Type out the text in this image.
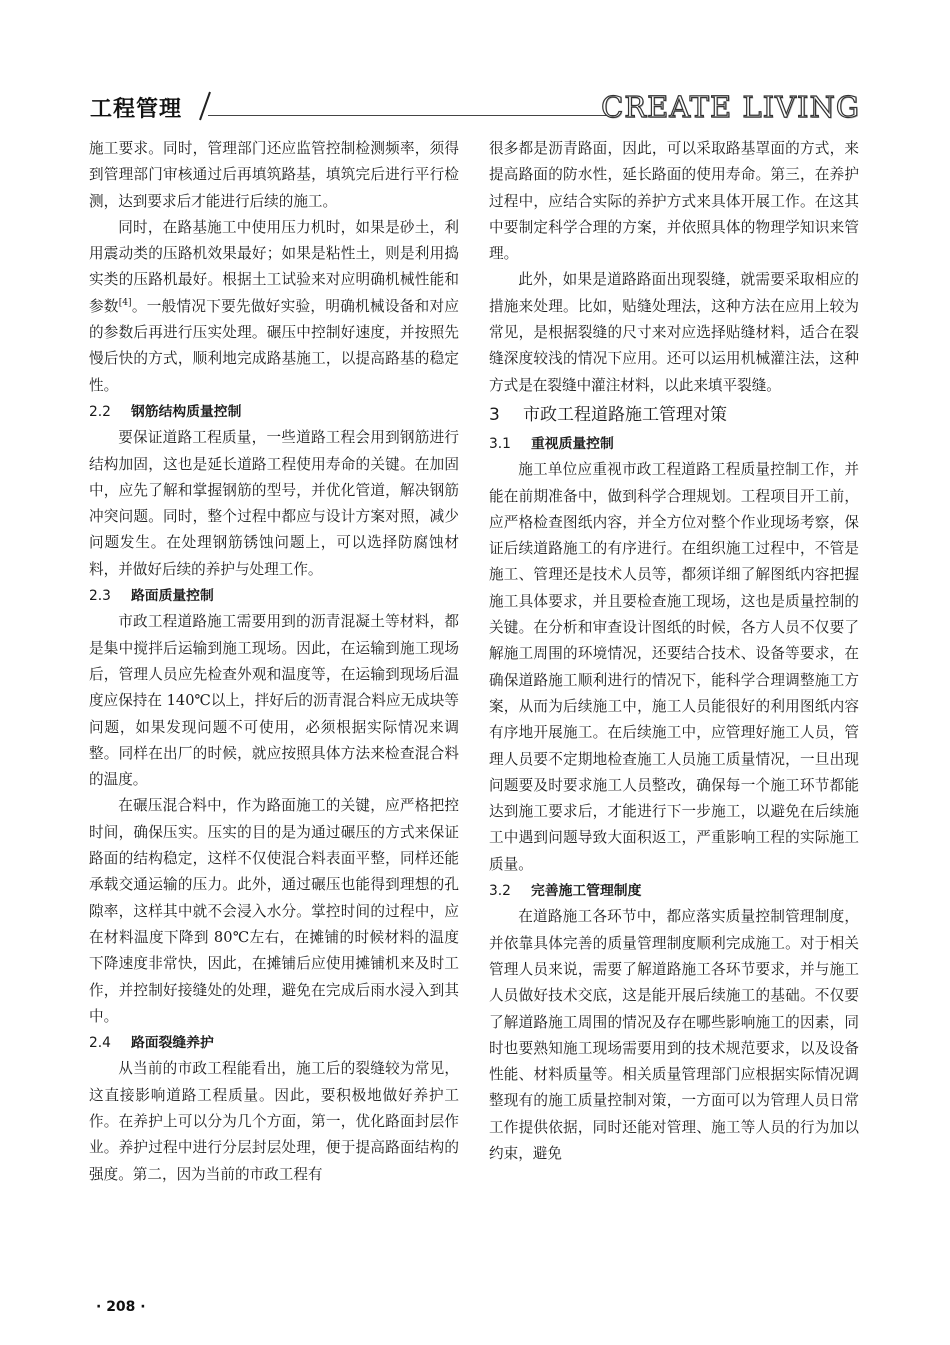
工程管理	CREATE LIVING

施工要求。同时，管理部门还应监管控制检测频率，须得到管理部门审核通过后再填筑路基，填筑完后进行平行检测，达到要求后才能进行后续的施工。

同时，在路基施工中使用压力机时，如果是砂土，利用震动类的压路机效果最好；如果是粘性土，则是利用捣实类的压路机最好。根据土工试验来对应明确机械性能和参数[4]。一般情况下要先做好实验，明确机械设备和对应的参数后再进行压实处理。碾压中控制好速度，并按照先慢后快的方式，顺利地完成路基施工，以提高路基的稳定性。

2.2 钢筋结构质量控制

要保证道路工程质量，一些道路工程会用到钢筋进行结构加固，这也是延长道路工程使用寿命的关键。在加固中，应先了解和掌握钢筋的型号，并优化管道，解决钢筋冲突问题。同时，整个过程中都应与设计方案对照，减少问题发生。在处理钢筋锈蚀问题上，可以选择防腐蚀材料，并做好后续的养护与处理工作。

2.3 路面质量控制

市政工程道路施工需要用到的沥青混凝土等材料，都是集中搅拌后运输到施工现场。因此，在运输到施工现场后，管理人员应先检查外观和温度等，在运输到现场后温度应保持在 140℃以上，拌好后的沥青混合料应无成块等问题，如果发现问题不可使用，必须根据实际情况来调整。同样在出厂的时候，就应按照具体方法来检查混合料的温度。

在碾压混合料中，作为路面施工的关键，应严格把控时间，确保压实。压实的目的是为通过碾压的方式来保证路面的结构稳定，这样不仅使混合料表面平整，同样还能承载交通运输的压力。此外，通过碾压也能得到理想的孔隙率，这样其中就不会浸入水分。掌控时间的过程中，应在材料温度下降到 80℃左右，在摊铺的时候材料的温度下降速度非常快，因此，在摊铺后应使用摊铺机来及时工作，并控制好接缝处的处理，避免在完成后雨水浸入到其中。

2.4 路面裂缝养护

从当前的市政工程能看出，施工后的裂缝较为常见，这直接影响道路工程质量。因此，要积极地做好养护工作。在养护上可以分为几个方面，第一，优化路面封层作业。养护过程中进行分层封层处理，便于提高路面结构的强度。第二，因为当前的市政工程有

很多都是沥青路面，因此，可以采取路基罩面的方式，来提高路面的防水性，延长路面的使用寿命。第三，在养护过程中，应结合实际的养护方式来具体开展工作。在这其中要制定科学合理的方案，并依照具体的物理学知识来管理。

此外，如果是道路路面出现裂缝，就需要采取相应的措施来处理。比如，贴缝处理法，这种方法在应用上较为常见，是根据裂缝的尺寸来对应选择贴缝材料，适合在裂缝深度较浅的情况下应用。还可以运用机械灌注法，这种方式是在裂缝中灌注材料，以此来填平裂缝。

3 市政工程道路施工管理对策
3.1 重视质量控制

施工单位应重视市政工程道路工程质量控制工作，并能在前期准备中，做到科学合理规划。工程项目开工前，应严格检查图纸内容，并全方位对整个作业现场考察，保证后续道路施工的有序进行。在组织施工过程中，不管是施工、管理还是技术人员等，都须详细了解图纸内容把握施工具体要求，并且要检查施工现场，这也是质量控制的关键。在分析和审查设计图纸的时候，各方人员不仅要了解施工周围的环境情况，还要结合技术、设备等要求，在确保道路施工顺利进行的情况下，能科学合理调整施工方案，从而为后续施工中，施工人员能很好的利用图纸内容有序地开展施工。在后续施工中，应管理好施工人员，管理人员要不定期地检查施工人员施工质量情况，一旦出现问题要及时要求施工人员整改，确保每一个施工环节都能达到施工要求后，才能进行下一步施工，以避免在后续施工中遇到问题导致大面积返工，严重影响工程的实际施工质量。

3.2 完善施工管理制度

在道路施工各环节中，都应落实质量控制管理制度，并依靠具体完善的质量管理制度顺利完成施工。对于相关管理人员来说，需要了解道路施工各环节要求，并与施工人员做好技术交底，这是能开展后续施工的基础。不仅要了解道路施工周围的情况及存在哪些影响施工的因素，同时也要熟知施工现场需要用到的技术规范要求，以及设备性能、材料质量等。相关质量管理部门应根据实际情况调整现有的施工质量控制对策，一方面可以为管理人员日常工作提供依据，同时还能对管理、施工等人员的行为加以约束，避免

· 208 ·
